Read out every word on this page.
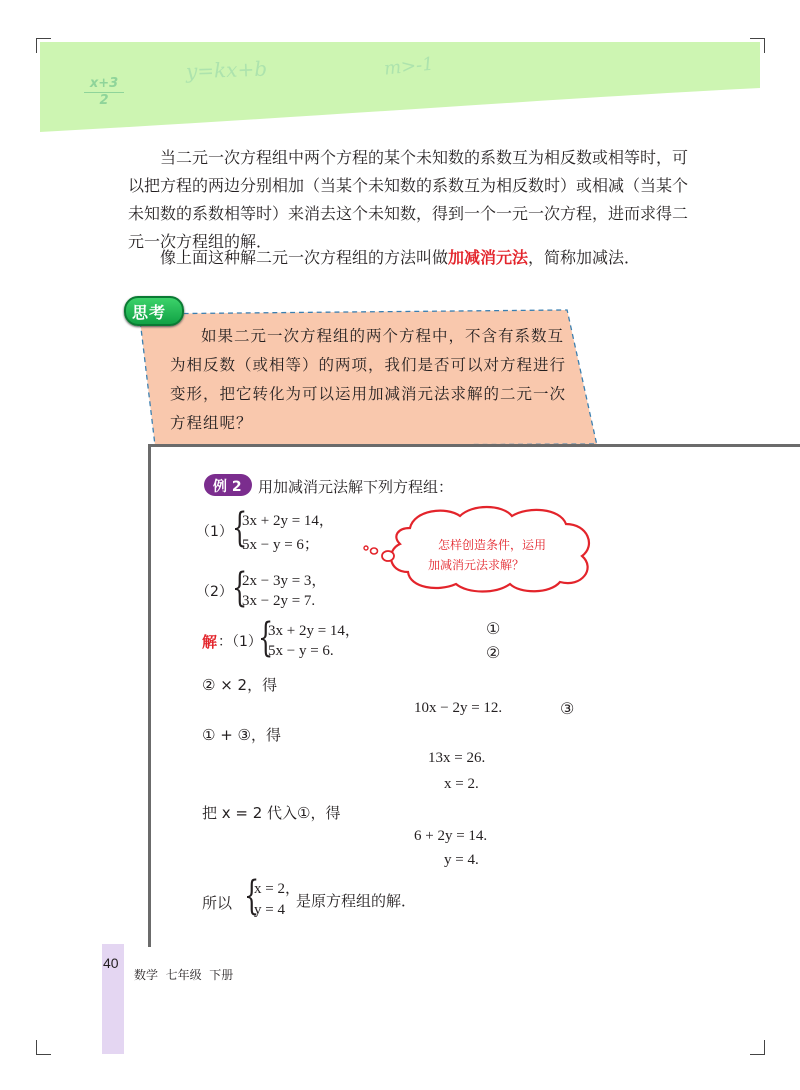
$\frac{x+3}{2}$
y=kx+b	m>-1

当二元一次方程组中两个方程的某个未知数的系数互为相反数或相等时，可以把方程的两边分别相加（当某个未知数的系数互为相反数时）或相减（当某个未知数的系数相等时）来消去这个未知数，得到一个一元一次方程，进而求得二元一次方程组的解．

像上面这种解二元一次方程组的方法叫做加减消元法，简称加减法．

思考
如果二元一次方程组的两个方程中，不含有系数互为相反数（或相等）的两项，我们是否可以对方程进行变形，把它转化为可以运用加减消元法求解的二元一次方程组呢？
例 2 用加减消元法解下列方程组：
（1） {
3x + 2y = 14，
5x − y = 6；	怎样创造条件，运用
加减消元法求解？
（2） {
2x − 3y = 3，
3x − 2y = 7.
解 ：（1）
{
3x + 2y = 14，
5x − y = 6.
①
②
② × 2，得
10x − 2y = 12.	③
① + ③，得
13x = 26.
x = 2.
把 x = 2 代入①，得
6 + 2y = 14.
y = 4.
所以 {
x = 2，
y = 4 是原方程组的解．
40
数学  七年级  下册
